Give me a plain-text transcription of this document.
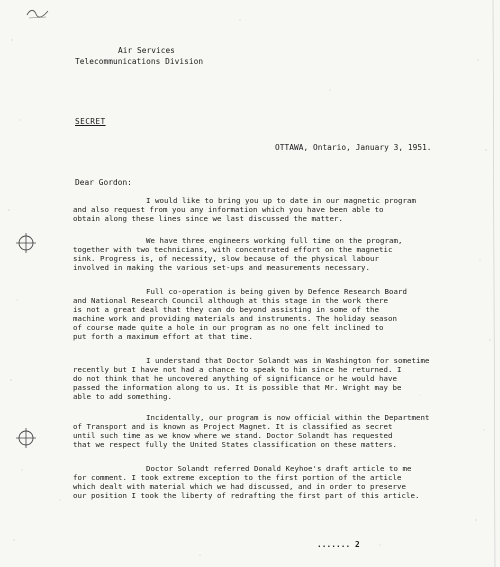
Air Services
Telecommunications Division
SECRET
OTTAWA, Ontario, January 3, 1951.
Dear Gordon:
I would like to bring you up to date in our magnetic program
and also request from you any information which you have been able to
obtain along these lines since we last discussed the matter.
We have three engineers working full time on the program,
together with two technicians, with concentrated effort on the magnetic
sink. Progress is, of necessity, slow because of the physical labour
involved in making the various set-ups and measurements necessary.
Full co-operation is being given by Defence Research Board
and National Research Council although at this stage in the work there
is not a great deal that they can do beyond assisting in some of the
machine work and providing materials and instruments. The holiday season
of course made quite a hole in our program as no one felt inclined to
put forth a maximum effort at that time.
I understand that Doctor Solandt was in Washington for sometime
recently but I have not had a chance to speak to him since he returned. I
do not think that he uncovered anything of significance or he would have
passed the information along to us. It is possible that Mr. Wright may be
able to add something.
Incidentally, our program is now official within the Department
of Transport and is known as Project Magnet. It is classified as secret
until such time as we know where we stand. Doctor Solandt has requested
that we respect fully the United States classification on these matters.
Doctor Solandt referred Donald Keyhoe's draft article to me
for comment. I took extreme exception to the first portion of the article
which dealt with material which we had discussed, and in order to preserve
our position I took the liberty of redrafting the first part of this article.
....... 2
